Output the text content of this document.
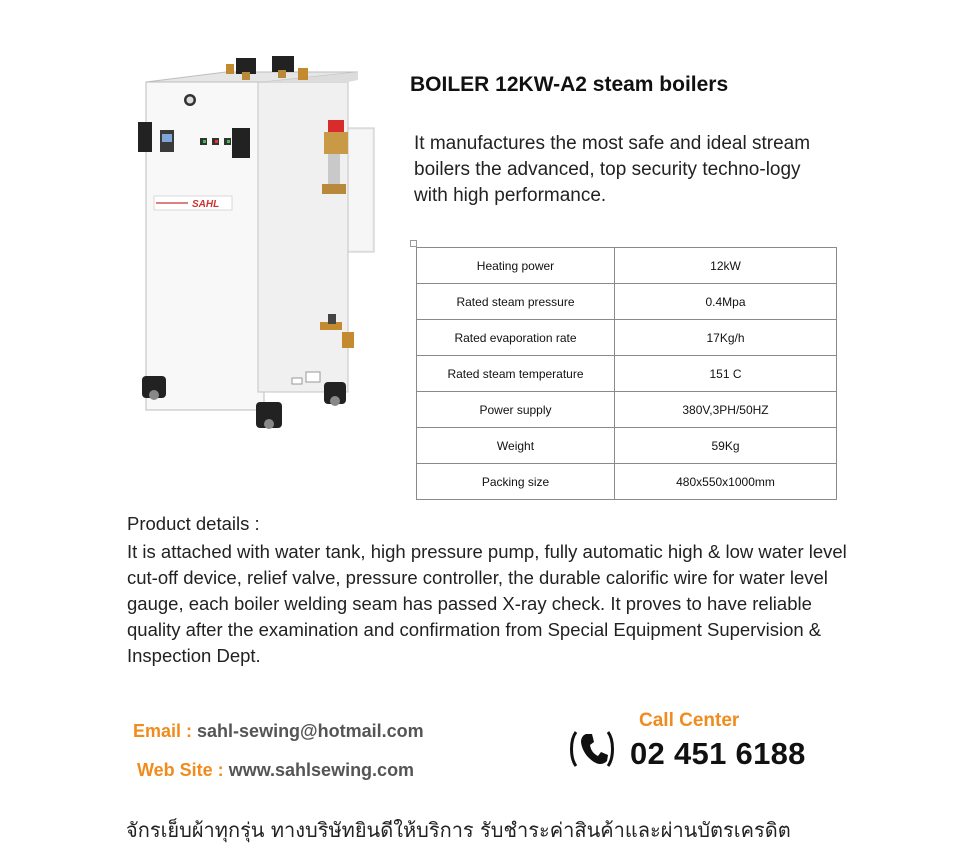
SAHL
BOILER 12KW-A2 steam boilers

It manufactures the most safe and ideal stream boilers the advanced, top security techno-logy with high performance.

Heating power	12kW
Rated steam pressure	0.4Mpa
Rated evaporation rate	17Kg/h
Rated steam temperature	151 C
Power supply	380V,3PH/50HZ
Weight	59Kg
Packing size	480x550x1000mm

Product details :

It is attached with water tank, high pressure pump, fully automatic high & low water level cut-off device, relief valve, pressure controller, the durable calorific wire for water level gauge, each boiler welding seam has passed X-ray check. It proves to have reliable quality after the examination and confirmation from Special Equipment Supervision & Inspection Dept.

Email : sahl-sewing@hotmail.com
Web Site : www.sahlsewing.com
Call Center
02 451 6188
จักรเย็บผ้าทุกรุ่น ทางบริษัทยินดีให้บริการ รับชำระค่าสินค้าและผ่านบัตรเครดิต
